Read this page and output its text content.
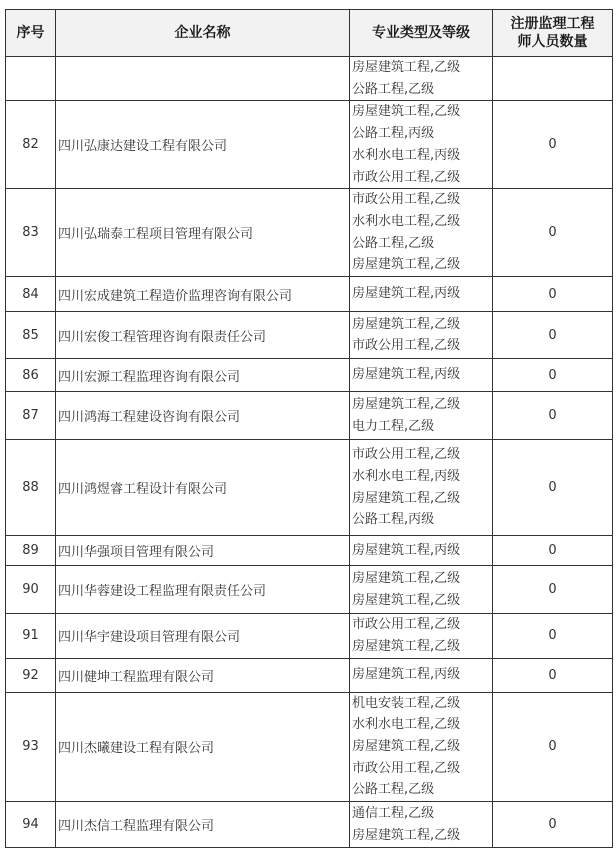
序号	企业名称	专业类型及等级	注册监理工程
师人员数量

		房屋建筑工程,乙级
公路工程,乙级	

82	四川弘康达建设工程有限公司	房屋建筑工程,乙级
公路工程,丙级
水利水电工程,丙级
市政公用工程,乙级	0
83	四川弘瑞泰工程项目管理有限公司	市政公用工程,乙级
水利水电工程,乙级
公路工程,乙级
房屋建筑工程,乙级	0
84	四川宏成建筑工程造价监理咨询有限公司	房屋建筑工程,丙级	0
85	四川宏俊工程管理咨询有限责任公司	房屋建筑工程,乙级
市政公用工程,乙级	0
86	四川宏源工程监理咨询有限公司	房屋建筑工程,丙级	0
87	四川鸿海工程建设咨询有限公司	房屋建筑工程,乙级
电力工程,乙级	0
88	四川鸿煜睿工程设计有限公司	市政公用工程,乙级
水利水电工程,丙级
房屋建筑工程,乙级
公路工程,丙级	0
89	四川华强项目管理有限公司	房屋建筑工程,丙级	0
90	四川华蓉建设工程监理有限责任公司	房屋建筑工程,乙级
房屋建筑工程,乙级	0
91	四川华宇建设项目管理有限公司	市政公用工程,乙级
房屋建筑工程,乙级	0
92	四川健坤工程监理有限公司	房屋建筑工程,丙级	0
93	四川杰曦建设工程有限公司	机电安装工程,乙级
水利水电工程,乙级
房屋建筑工程,乙级
市政公用工程,乙级
公路工程,乙级	0
94	四川杰信工程监理有限公司	通信工程,乙级
房屋建筑工程,乙级	0
